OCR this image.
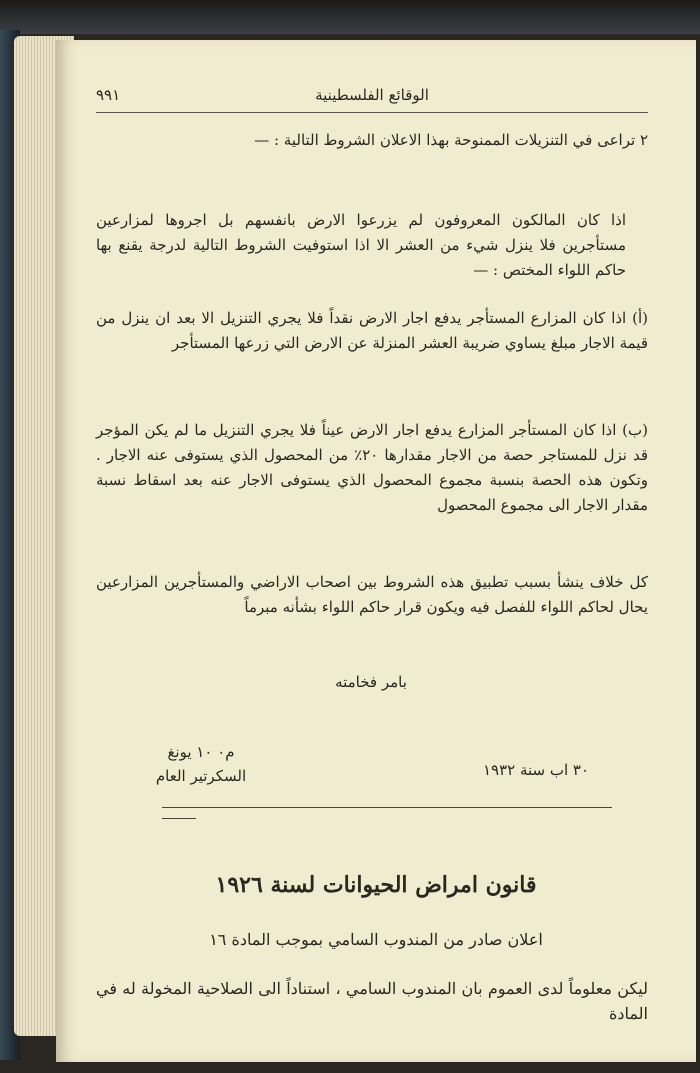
الوقائع الفلسطينية
٩٩١
٢ تراعى في التنزيلات الممنوحة بهذا الاعلان الشروط التالية : —
اذا كان المالكون المعروفون لم يزرعوا الارض بانفسهم بل اجروها لمزارعين مستأجرين فلا ينزل شيء من العشر الا اذا استوفيت الشروط التالية لدرجة يقنع بها حاكم اللواء المختص : —
(أ) اذا كان المزارع المستأجر يدفع اجار الارض نقداً فلا يجري التنزيل الا بعد ان ينزل من قيمة الاجار مبلغ يساوي ضريبة العشر المنزلة عن الارض التي زرعها المستأجر
(ب) اذا كان المستأجر المزارع يدفع اجار الارض عيناً فلا يجري التنزيل ما لم يكن المؤجر قد نزل للمستاجر حصة من الاجار مقدارها ٢٠٪ من المحصول الذي يستوفى عنه الاجار . وتكون هذه الحصة بنسبة مجموع المحصول الذي يستوفى الاجار عنه بعد اسقاط نسبة مقدار الاجار الى مجموع المحصول
كل خلاف ينشأ بسبب تطبيق هذه الشروط بين اصحاب الاراضي والمستأجرين المزارعين يحال لحاكم اللواء للفصل فيه ويكون قرار حاكم اللواء بشأنه مبرماً
بامر فخامته
م٠ ١٠ يونغ
السكرتير العام	٣٠ اب سنة ١٩٣٢
قانون امراض الحيوانات لسنة ١٩٢٦
اعلان صادر من المندوب السامي بموجب المادة ١٦
ليكن معلوماً لدى العموم بان المندوب السامي ، استناداً الى الصلاحية المخولة له في المادة
